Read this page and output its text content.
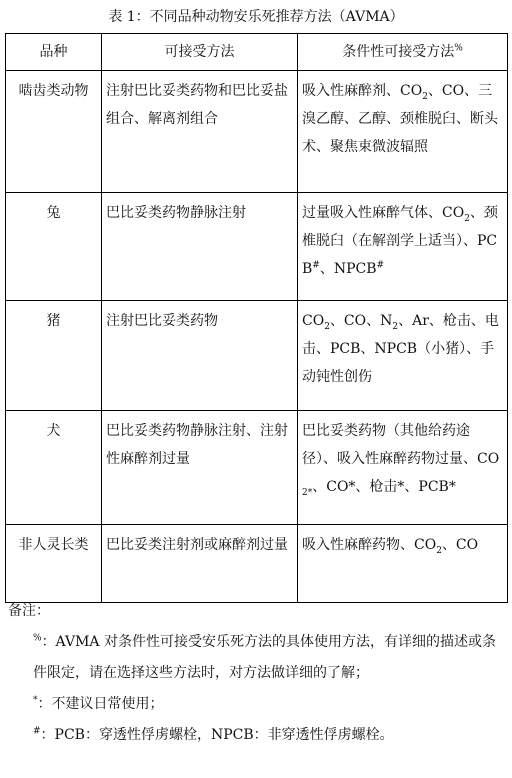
表 1：不同品种动物安乐死推荐方法（AVMA）
品种	可接受方法	条件性可接受方法%
啮齿类动物	注射巴比妥类药物和巴比妥盐组合、解离剂组合	吸入性麻醉剂、$CO_2$、CO、三溴乙醇、乙醇、颈椎脱臼、断头术、聚焦束微波辐照
兔	巴比妥类药物静脉注射	过量吸入性麻醉气体、$CO_2$、颈椎脱臼（在解剖学上适当）、PCB#、NPCB#
猪	注射巴比妥类药物	$CO_2$、CO、$N_2$、Ar、枪击、电击、PCB、NPCB（小猪）、手动钝性创伤
犬	巴比妥类药物静脉注射、注射性麻醉剂过量	巴比妥类药物（其他给药途径）、吸入性麻醉药物过量、$CO_{2*}$、CO*、枪击*、PCB*
非人灵长类	巴比妥类注射剂或麻醉剂过量	吸入性麻醉药物、$CO_2$、CO

备注：

%：AVMA 对条件性可接受安乐死方法的具体使用方法，有详细的描述或条件限定，请在选择这些方法时，对方法做详细的了解；

*：不建议日常使用；

#：PCB：穿透性俘虏螺栓，NPCB：非穿透性俘虏螺栓。
